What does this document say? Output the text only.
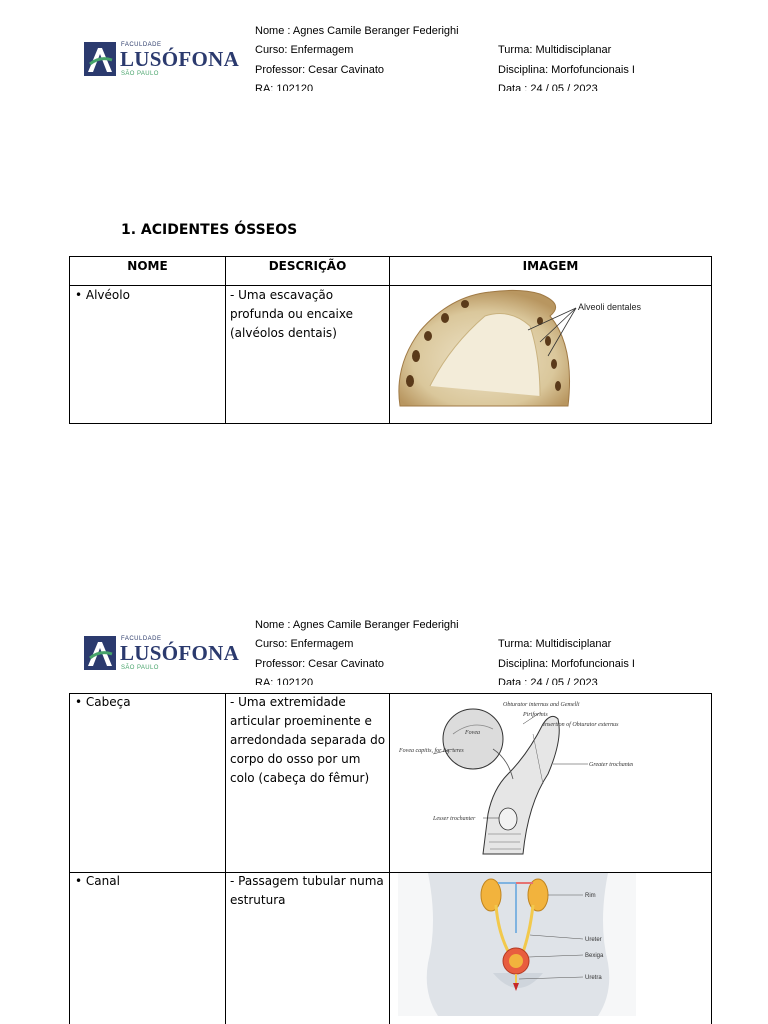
FACULDADE
LUSÓFONA
SÃO PAULO
Nome : Agnes Camile Beranger Federighi
Curso: Enfermagem
Professor: Cesar Cavinato
RA: 102120
Turma: Multidisciplanar
Disciplina: Morfofuncionais I
Data : 24 / 05 / 2023
1. ACIDENTES ÓSSEOS
NOME	DESCRIÇÃO	IMAGEM
• Alvéolo	- Uma escavação profunda ou encaixe (alvéolos dentais)
Alveoli dentales
FACULDADE
LUSÓFONA
SÃO PAULO
Nome : Agnes Camile Beranger Federighi
Curso: Enfermagem
Professor: Cesar Cavinato
RA: 102120
Turma: Multidisciplanar
Disciplina: Morfofuncionais I
Data : 24 / 05 / 2023
• Cabeça	- Uma extremidade articular proeminente e arredondada separada do corpo do osso por um colo (cabeça do fêmur)
Obturator internus and Gemelli
Piriformis
Insertion of Obturator externus
Fovea capitis, for lig. teres
Greater trochanter
Lesser trochanter
Fovea
• Canal	- Passagem tubular numa estrutura	Rim
Ureter
Bexiga
Uretra
